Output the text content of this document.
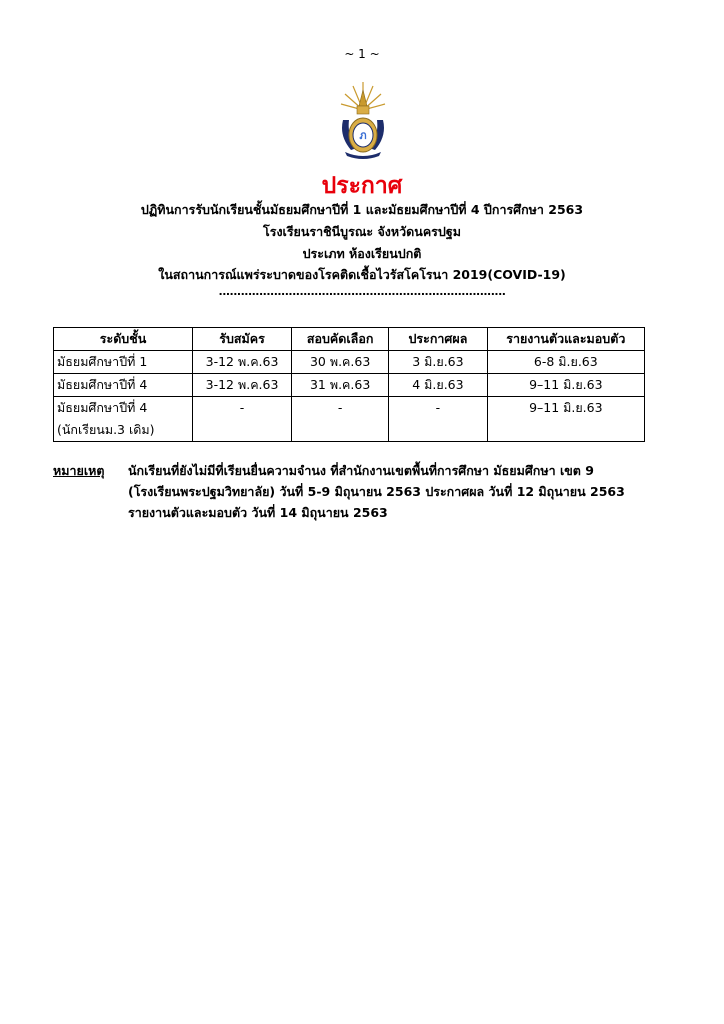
~ 1 ~
ภ
ประกาศ
ปฏิทินการรับนักเรียนชั้นมัธยมศึกษาปีที่ 1 และมัธยมศึกษาปีที่ 4 ปีการศึกษา 2563
โรงเรียนราชินีบูรณะ จังหวัดนครปฐม
ประเภท ห้องเรียนปกติ
ในสถานการณ์แพร่ระบาดของโรคติดเชื้อไวรัสโคโรนา 2019(COVID-19)
..............................................................................
ระดับชั้น	รับสมัคร	สอบคัดเลือก	ประกาศผล	รายงานตัวและมอบตัว
มัธยมศึกษาปีที่ 1	3-12 พ.ค.63	30 พ.ค.63	3 มิ.ย.63	6-8 มิ.ย.63
มัธยมศึกษาปีที่ 4	3-12 พ.ค.63	31 พ.ค.63	4 มิ.ย.63	9–11 มิ.ย.63

มัธยมศึกษาปีที่ 4
(นักเรียนม.3 เดิม)	-	-	-	9–11 มิ.ย.63
หมายเหตุ นักเรียนที่ยังไม่มีที่เรียนยื่นความจำนง ที่สำนักงานเขตพื้นที่การศึกษา มัธยมศึกษา เขต 9
(โรงเรียนพระปฐมวิทยาลัย) วันที่ 5-9 มิถุนายน 2563 ประกาศผล วันที่ 12 มิถุนายน 2563
รายงานตัวและมอบตัว วันที่ 14 มิถุนายน 2563
